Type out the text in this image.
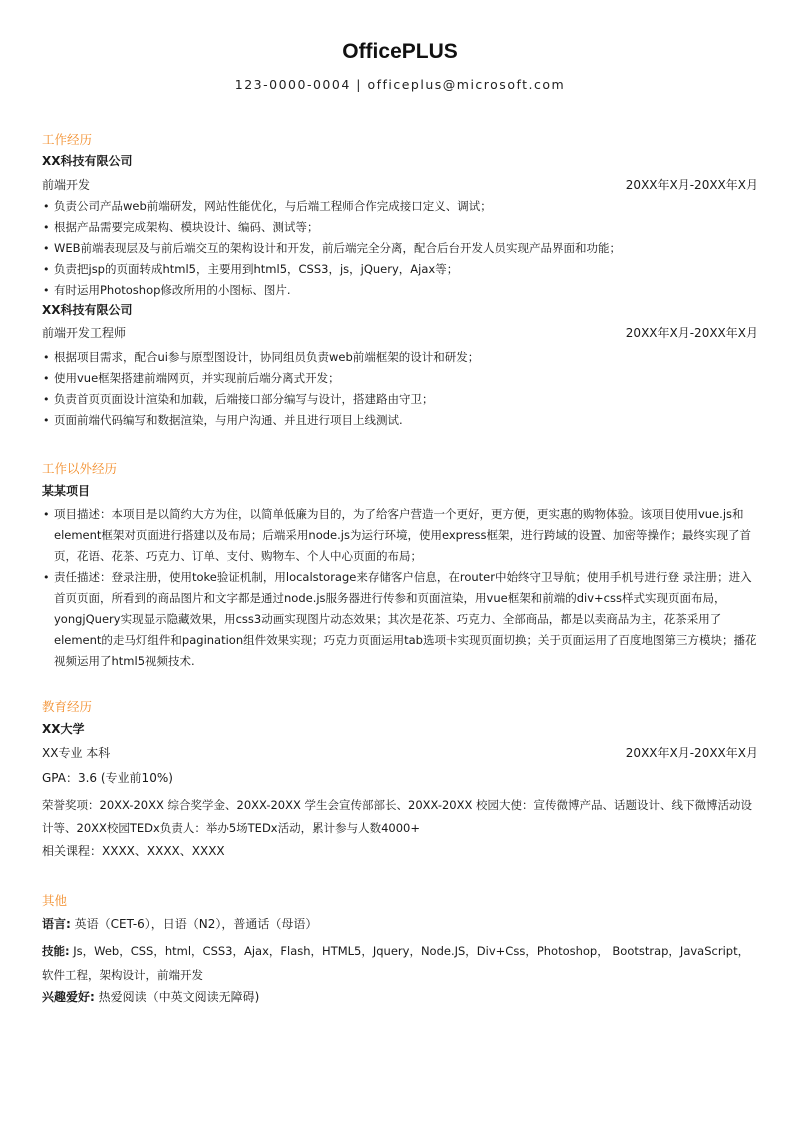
OfficePLUS
123-0000-0004 | officeplus@microsoft.com
工作经历
XX科技有限公司
前端开发	20XX年X月-20XX年X月
• 负责公司产品web前端研发，网站性能优化，与后端工程师合作完成接口定义、调试；
• 根据产品需要完成架构、模块设计、编码、测试等；
• WEB前端表现层及与前后端交互的架构设计和开发，前后端完全分离，配合后台开发人员实现产品界面和功能；
• 负责把jsp的页面转成html5，主要用到html5，CSS3，js，jQuery，Ajax等；
• 有时运用Photoshop修改所用的小图标、图片.
XX科技有限公司
前端开发工程师	20XX年X月-20XX年X月
• 根据项目需求，配合ui参与原型图设计，协同组员负责web前端框架的设计和研发；
• 使用vue框架搭建前端网页，并实现前后端分离式开发；
• 负责首页页面设计渲染和加载，后端接口部分编写与设计，搭建路由守卫；
• 页面前端代码编写和数据渲染，与用户沟通、并且进行项目上线测试.
工作以外经历
某某项目
• 项目描述：本项目是以简约大方为住，以简单低廉为目的，为了给客户营造一个更好，更方便，更实惠的购物体验。该项目使用vue.js和element框架对页面进行搭建以及布局；后端采用node.js为运行环境，使用express框架，进行跨域的设置、加密等操作；最终实现了首页，花语、花茶、巧克力、订单、支付、购物车、个人中心页面的布局；
• 责任描述：登录注册，使用toke验证机制，用localstorage来存储客户信息，在router中始终守卫导航；使用手机号进行登 录注册；进入首页页面，所看到的商品图片和文字都是通过node.js服务器进行传参和页面渲染，用vue框架和前端的div+css样式实现页面布局，yongjQuery实现显示隐藏效果，用css3动画实现图片动态效果；其次是花茶、巧克力、全部商品，都是以卖商品为主，花茶采用了element的走马灯组件和pagination组件效果实现；巧克力页面运用tab选项卡实现页面切换；关于页面运用了百度地图第三方模块；播花视频运用了html5视频技术.
教育经历
XX大学
XX专业 本科	20XX年X月-20XX年X月
GPA：3.6 (专业前10%)
荣誉奖项：20XX-20XX 综合奖学金、20XX-20XX 学生会宣传部部长、20XX-20XX 校园大使：宣传微博产品、话题设计、线下微博活动设计等、20XX校园TEDx负责人：举办5场TEDx活动，累计参与人数4000+
相关课程：XXXX、XXXX、XXXX
其他
语言: 英语（CET-6），日语（N2），普通话（母语）
技能: Js，Web，CSS，html，CSS3，Ajax，Flash，HTML5，Jquery，Node.JS，Div+Css，Photoshop， Bootstrap，JavaScript，软件工程，架构设计，前端开发
兴趣爱好: 热爱阅读（中英文阅读无障碍)
